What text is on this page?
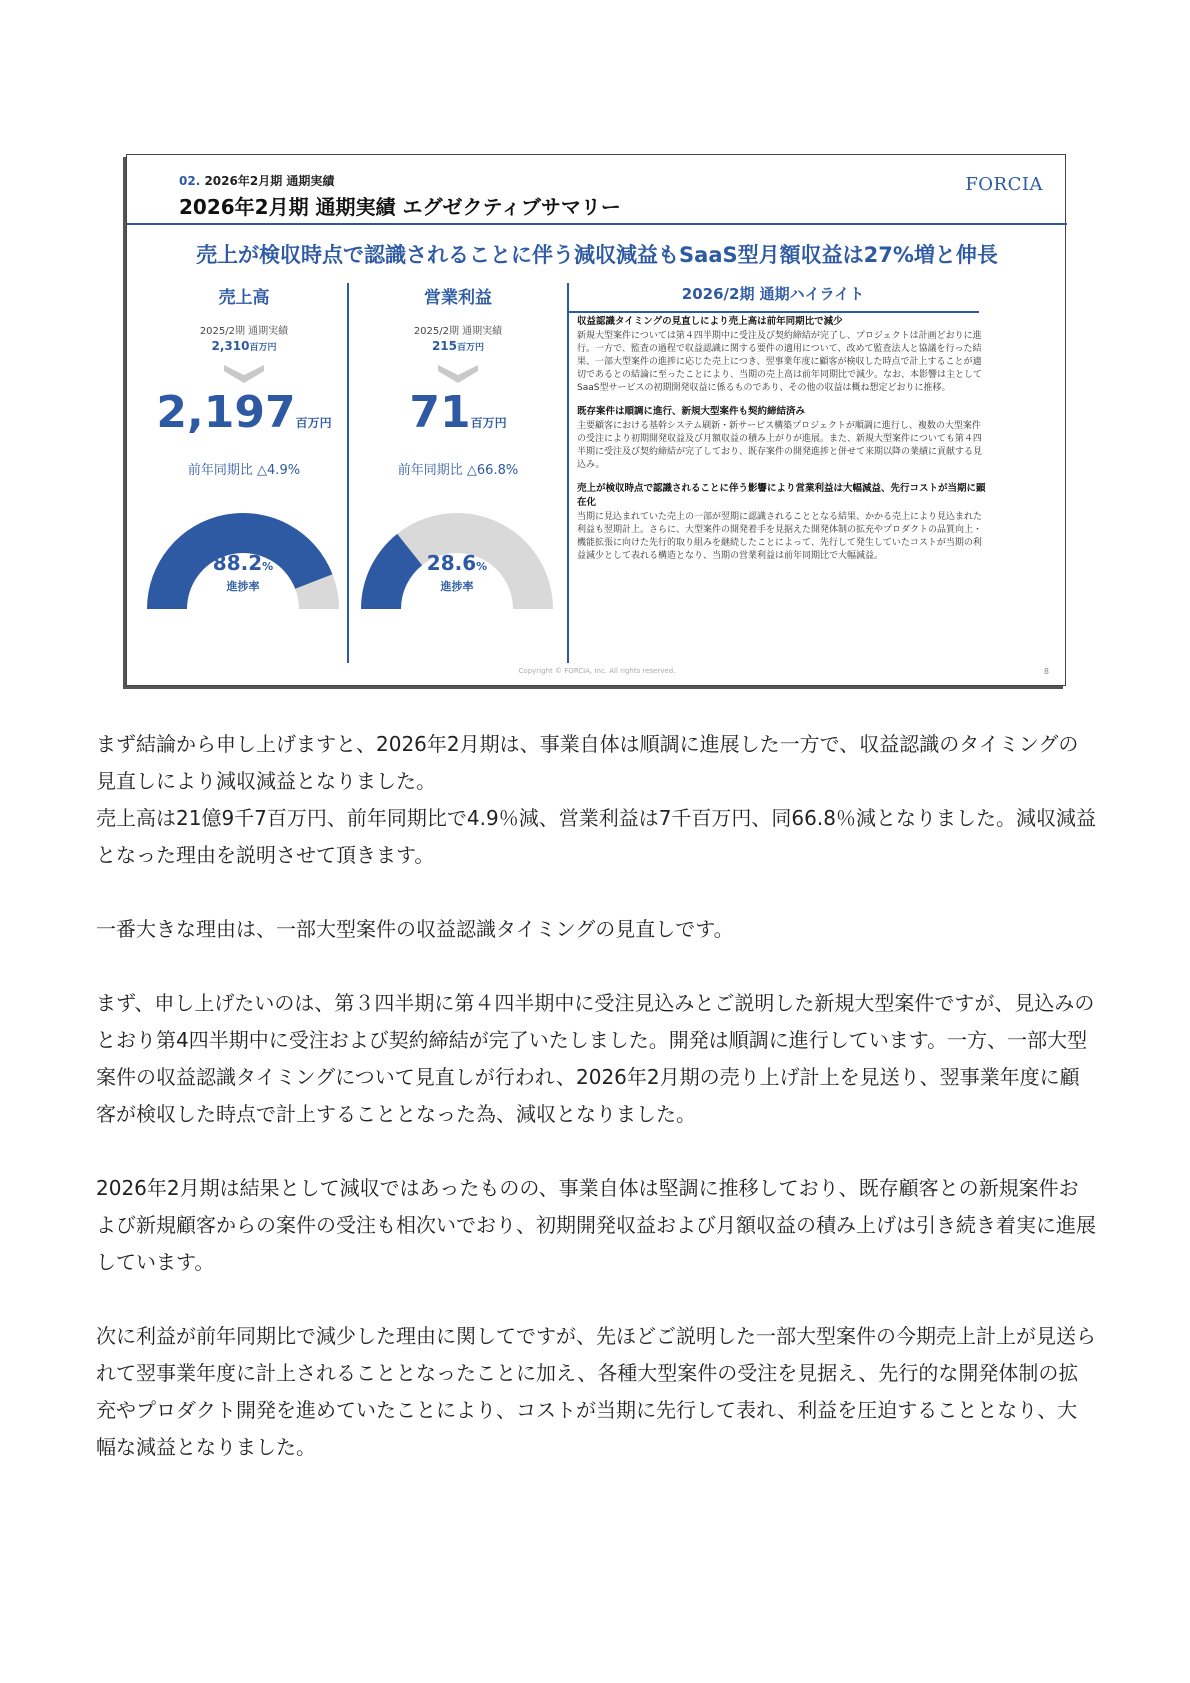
02. 2026年2月期 通期実績
2026年2月期 通期実績 エグゼクティブサマリー
FORCIA
売上が検収時点で認識されることに伴う減収減益もSaaS型月額収益は27%増と伸長
売上高
2025/2期 通期実績
2,310百万円
2,197百万円
前年同期比 △4.9%
88.2%
進捗率
営業利益
2025/2期 通期実績
215百万円
71百万円
前年同期比 △66.8%
28.6%
進捗率
2026/2期 通期ハイライト
収益認識タイミングの見直しにより売上高は前年同期比で減少
新規大型案件については第４四半期中に受注及び契約締結が完了し、プロジェクトは計画どおりに進行。一方で、監査の過程で収益認識に関する要件の適用について、改めて監査法人と協議を行った結果、一部大型案件の進捗に応じた売上につき、翌事業年度に顧客が検収した時点で計上することが適切であるとの結論に至ったことにより、当期の売上高は前年同期比で減少。なお、本影響は主としてSaaS型サービスの初期開発収益に係るものであり、その他の収益は概ね想定どおりに推移。
既存案件は順調に進行、新規大型案件も契約締結済み
主要顧客における基幹システム刷新・新サービス構築プロジェクトが順調に進行し、複数の大型案件の受注により初期開発収益及び月額収益の積み上がりが進展。また、新規大型案件についても第４四半期に受注及び契約締結が完了しており、既存案件の開発進捗と併せて来期以降の業績に貢献する見込み。
売上が検収時点で認識されることに伴う影響により営業利益は大幅減益、先行コストが当期に顕在化
当期に見込まれていた売上の一部が翌期に認識されることとなる結果、かかる売上により見込まれた利益も翌期計上。さらに、大型案件の開発着手を見据えた開発体制の拡充やプロダクトの品質向上・機能拡張に向けた先行的取り組みを継続したことによって、先行して発生していたコストが当期の利益減少として表れる構造となり、当期の営業利益は前年同期比で大幅減益。
Copyright © FORCIA, Inc. All rights reserved.	8

まず結論から申し上げますと、2026年2月期は、事業自体は順調に進展した一方で、収益認識のタイミングの見直しにより減収減益となりました。
売上高は21億9千7百万円、前年同期比で4.9％減、営業利益は7千百万円、同66.8％減となりました。減収減益となった理由を説明させて頂きます。

一番大きな理由は、一部大型案件の収益認識タイミングの見直しです。

まず、申し上げたいのは、第３四半期に第４四半期中に受注見込みとご説明した新規大型案件ですが、見込みのとおり第4四半期中に受注および契約締結が完了いたしました。開発は順調に進行しています。一方、一部大型案件の収益認識タイミングについて見直しが行われ、2026年2月期の売り上げ計上を見送り、翌事業年度に顧客が検収した時点で計上することとなった為、減収となりました。

2026年2月期は結果として減収ではあったものの、事業自体は堅調に推移しており、既存顧客との新規案件および新規顧客からの案件の受注も相次いでおり、初期開発収益および月額収益の積み上げは引き続き着実に進展しています。

次に利益が前年同期比で減少した理由に関してですが、先ほどご説明した一部大型案件の今期売上計上が見送られて翌事業年度に計上されることとなったことに加え、各種大型案件の受注を見据え、先行的な開発体制の拡充やプロダクト開発を進めていたことにより、コストが当期に先行して表れ、利益を圧迫することとなり、大幅な減益となりました。
